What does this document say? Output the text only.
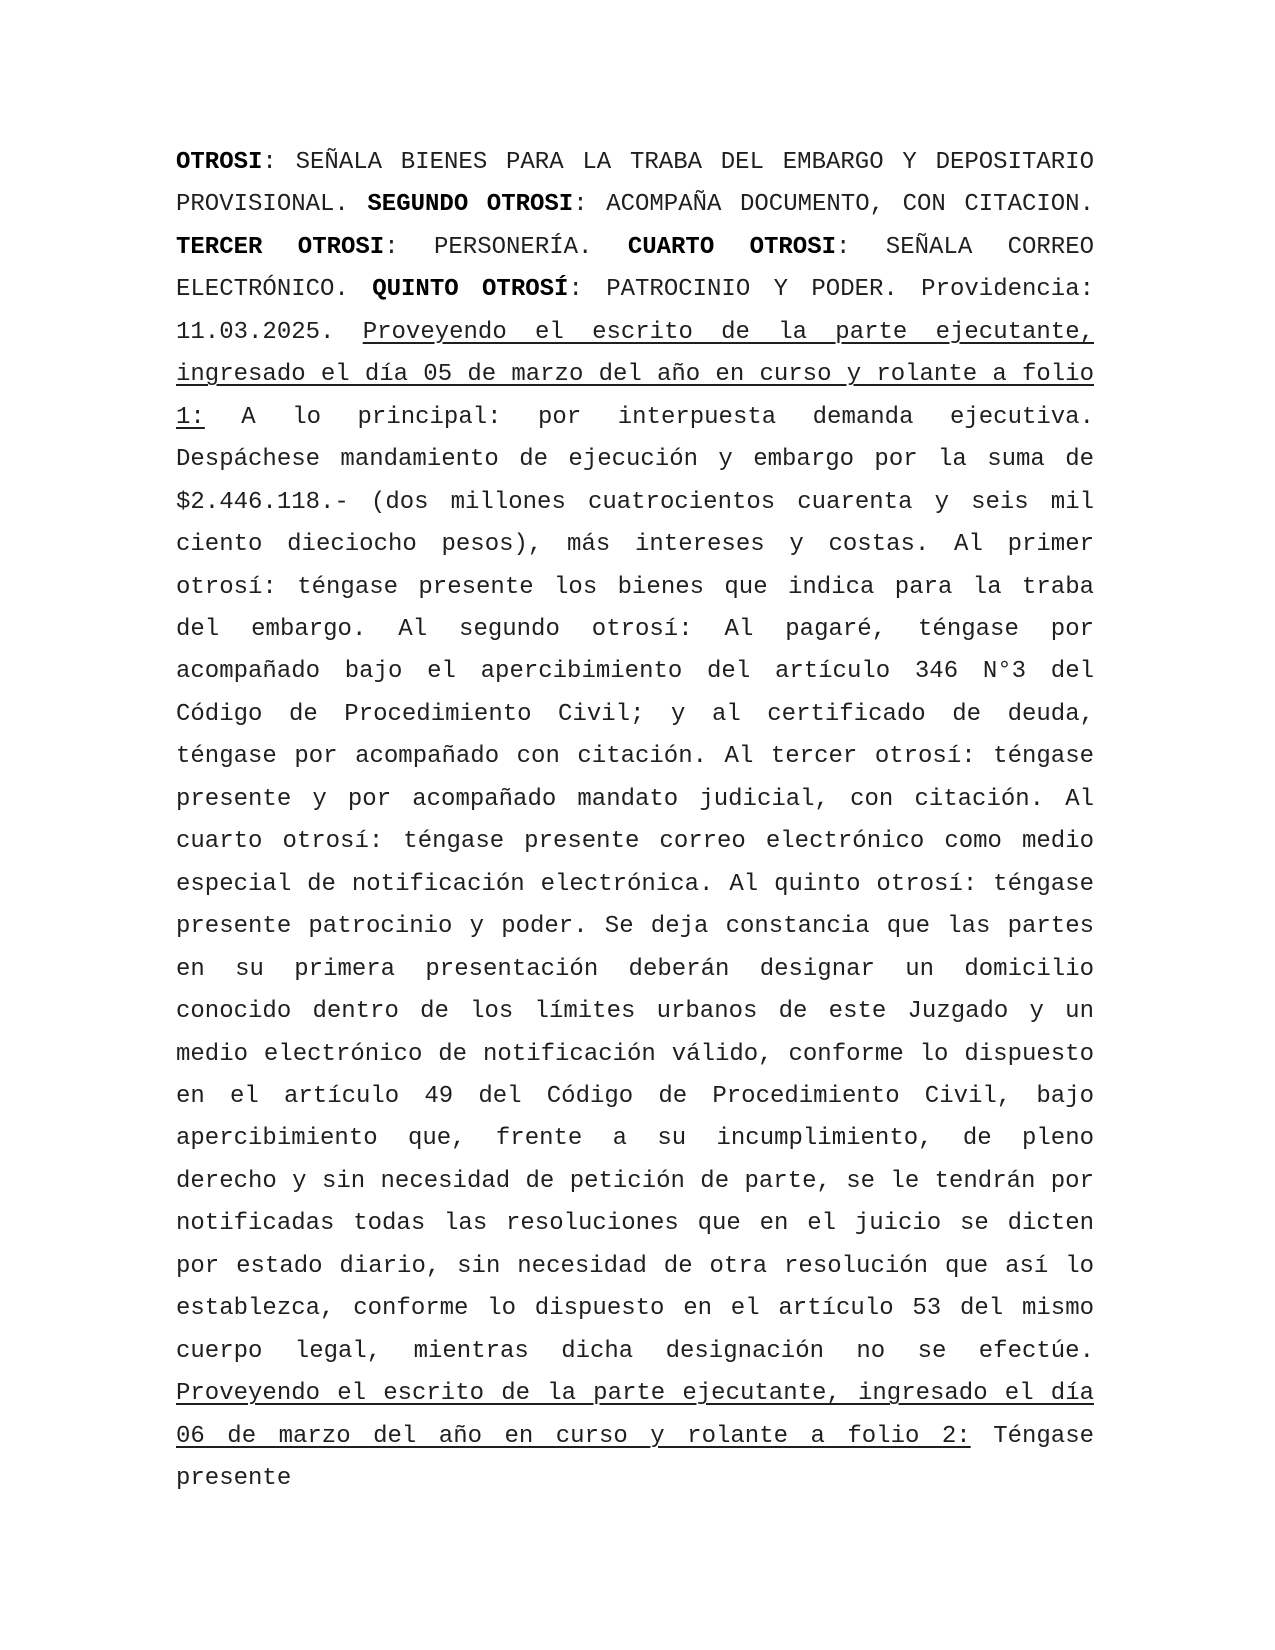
OTROSI: SEÑALA BIENES PARA LA TRABA DEL EMBARGO Y DEPOSITARIO PROVISIONAL. SEGUNDO OTROSI: ACOMPAÑA DOCUMENTO, CON CITACION. TERCER OTROSI: PERSONERÍA. CUARTO OTROSI: SEÑALA CORREO ELECTRÓNICO. QUINTO OTROSÍ: PATROCINIO Y PODER. Providencia: 11.03.2025. Proveyendo el escrito de la parte ejecutante, ingresado el día 05 de marzo del año en curso y rolante a folio 1: A lo principal: por interpuesta demanda ejecutiva. Despáchese mandamiento de ejecución y embargo por la suma de $2.446.118.- (dos millones cuatrocientos cuarenta y seis mil ciento dieciocho pesos), más intereses y costas. Al primer otrosí: téngase presente los bienes que indica para la traba del embargo. Al segundo otrosí: Al pagaré, téngase por acompañado bajo el apercibimiento del artículo 346 N°3 del Código de Procedimiento Civil; y al certificado de deuda, téngase por acompañado con citación. Al tercer otrosí: téngase presente y por acompañado mandato judicial, con citación. Al cuarto otrosí: téngase presente correo electrónico como medio especial de notificación electrónica. Al quinto otrosí: téngase presente patrocinio y poder. Se deja constancia que las partes en su primera presentación deberán designar un domicilio conocido dentro de los límites urbanos de este Juzgado y un medio electrónico de notificación válido, conforme lo dispuesto en el artículo 49 del Código de Procedimiento Civil, bajo apercibimiento que, frente a su incumplimiento, de pleno derecho y sin necesidad de petición de parte, se le tendrán por notificadas todas las resoluciones que en el juicio se dicten por estado diario, sin necesidad de otra resolución que así lo establezca, conforme lo dispuesto en el artículo 53 del mismo cuerpo legal, mientras dicha designación no se efectúe. Proveyendo el escrito de la parte ejecutante, ingresado el día 06 de marzo del año en curso y rolante a folio 2: Téngase presente
